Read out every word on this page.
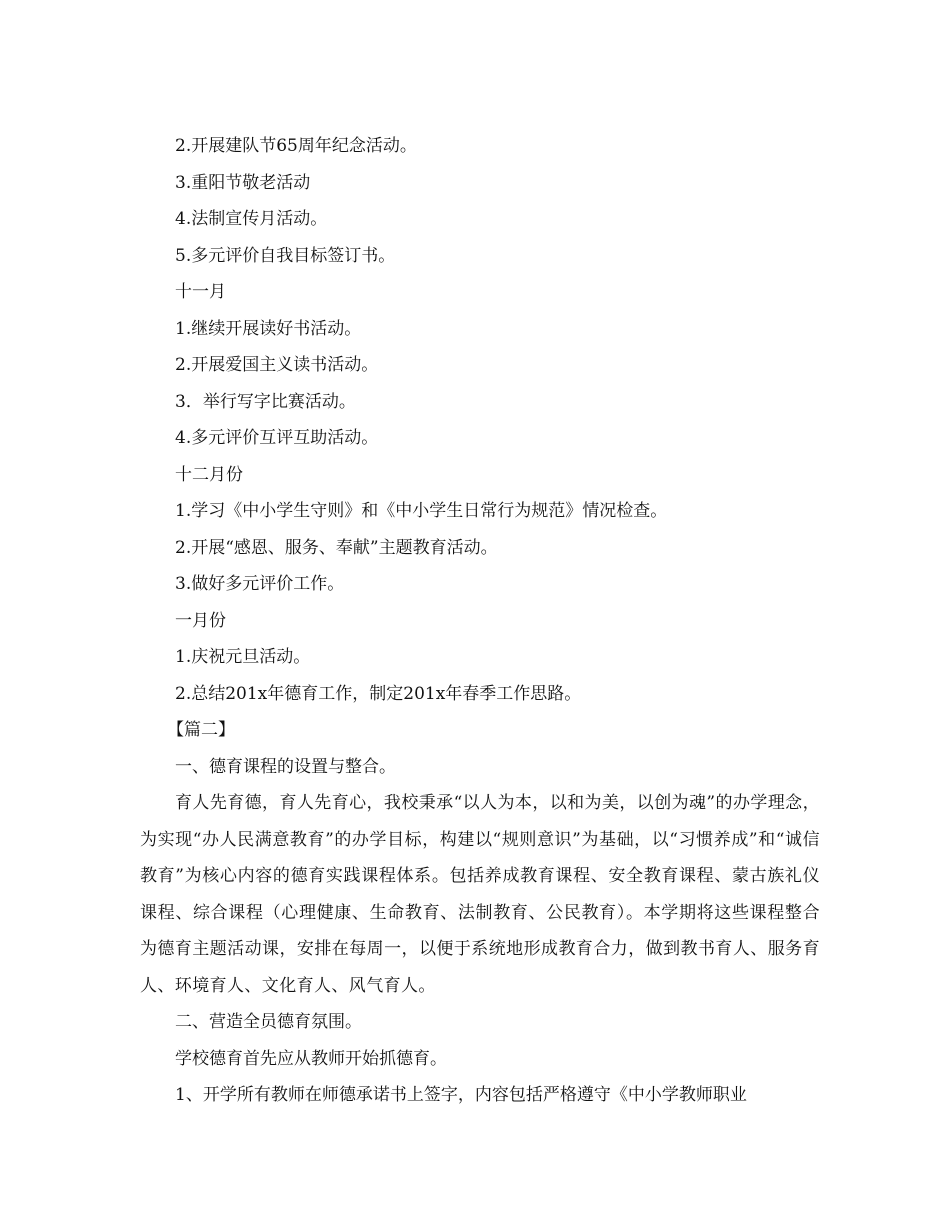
2.开展建队节65周年纪念活动。

3.重阳节敬老活动

4.法制宣传月活动。

5.多元评价自我目标签订书。

十一月

1.继续开展读好书活动。

2.开展爱国主义读书活动。

3．举行写字比赛活动。

4.多元评价互评互助活动。

十二月份

1.学习《中小学生守则》和《中小学生日常行为规范》情况检查。

2.开展“感恩、服务、奉献”主题教育活动。

3.做好多元评价工作。

一月份

1.庆祝元旦活动。

2.总结201x年德育工作，制定201x年春季工作思路。

【篇二】

一、德育课程的设置与整合。

育人先育德，育人先育心，我校秉承“以人为本，以和为美，以创为魂”的办学理念，为实现“办人民满意教育”的办学目标，构建以“规则意识”为基础，以“习惯养成”和“诚信教育”为核心内容的德育实践课程体系。包括养成教育课程、安全教育课程、蒙古族礼仪课程、综合课程（心理健康、生命教育、法制教育、公民教育）。本学期将这些课程整合为德育主题活动课，安排在每周一，以便于系统地形成教育合力，做到教书育人、服务育人、环境育人、文化育人、风气育人。

二、营造全员德育氛围。

学校德育首先应从教师开始抓德育。

1、开学所有教师在师德承诺书上签字，内容包括严格遵守《中小学教师职业
